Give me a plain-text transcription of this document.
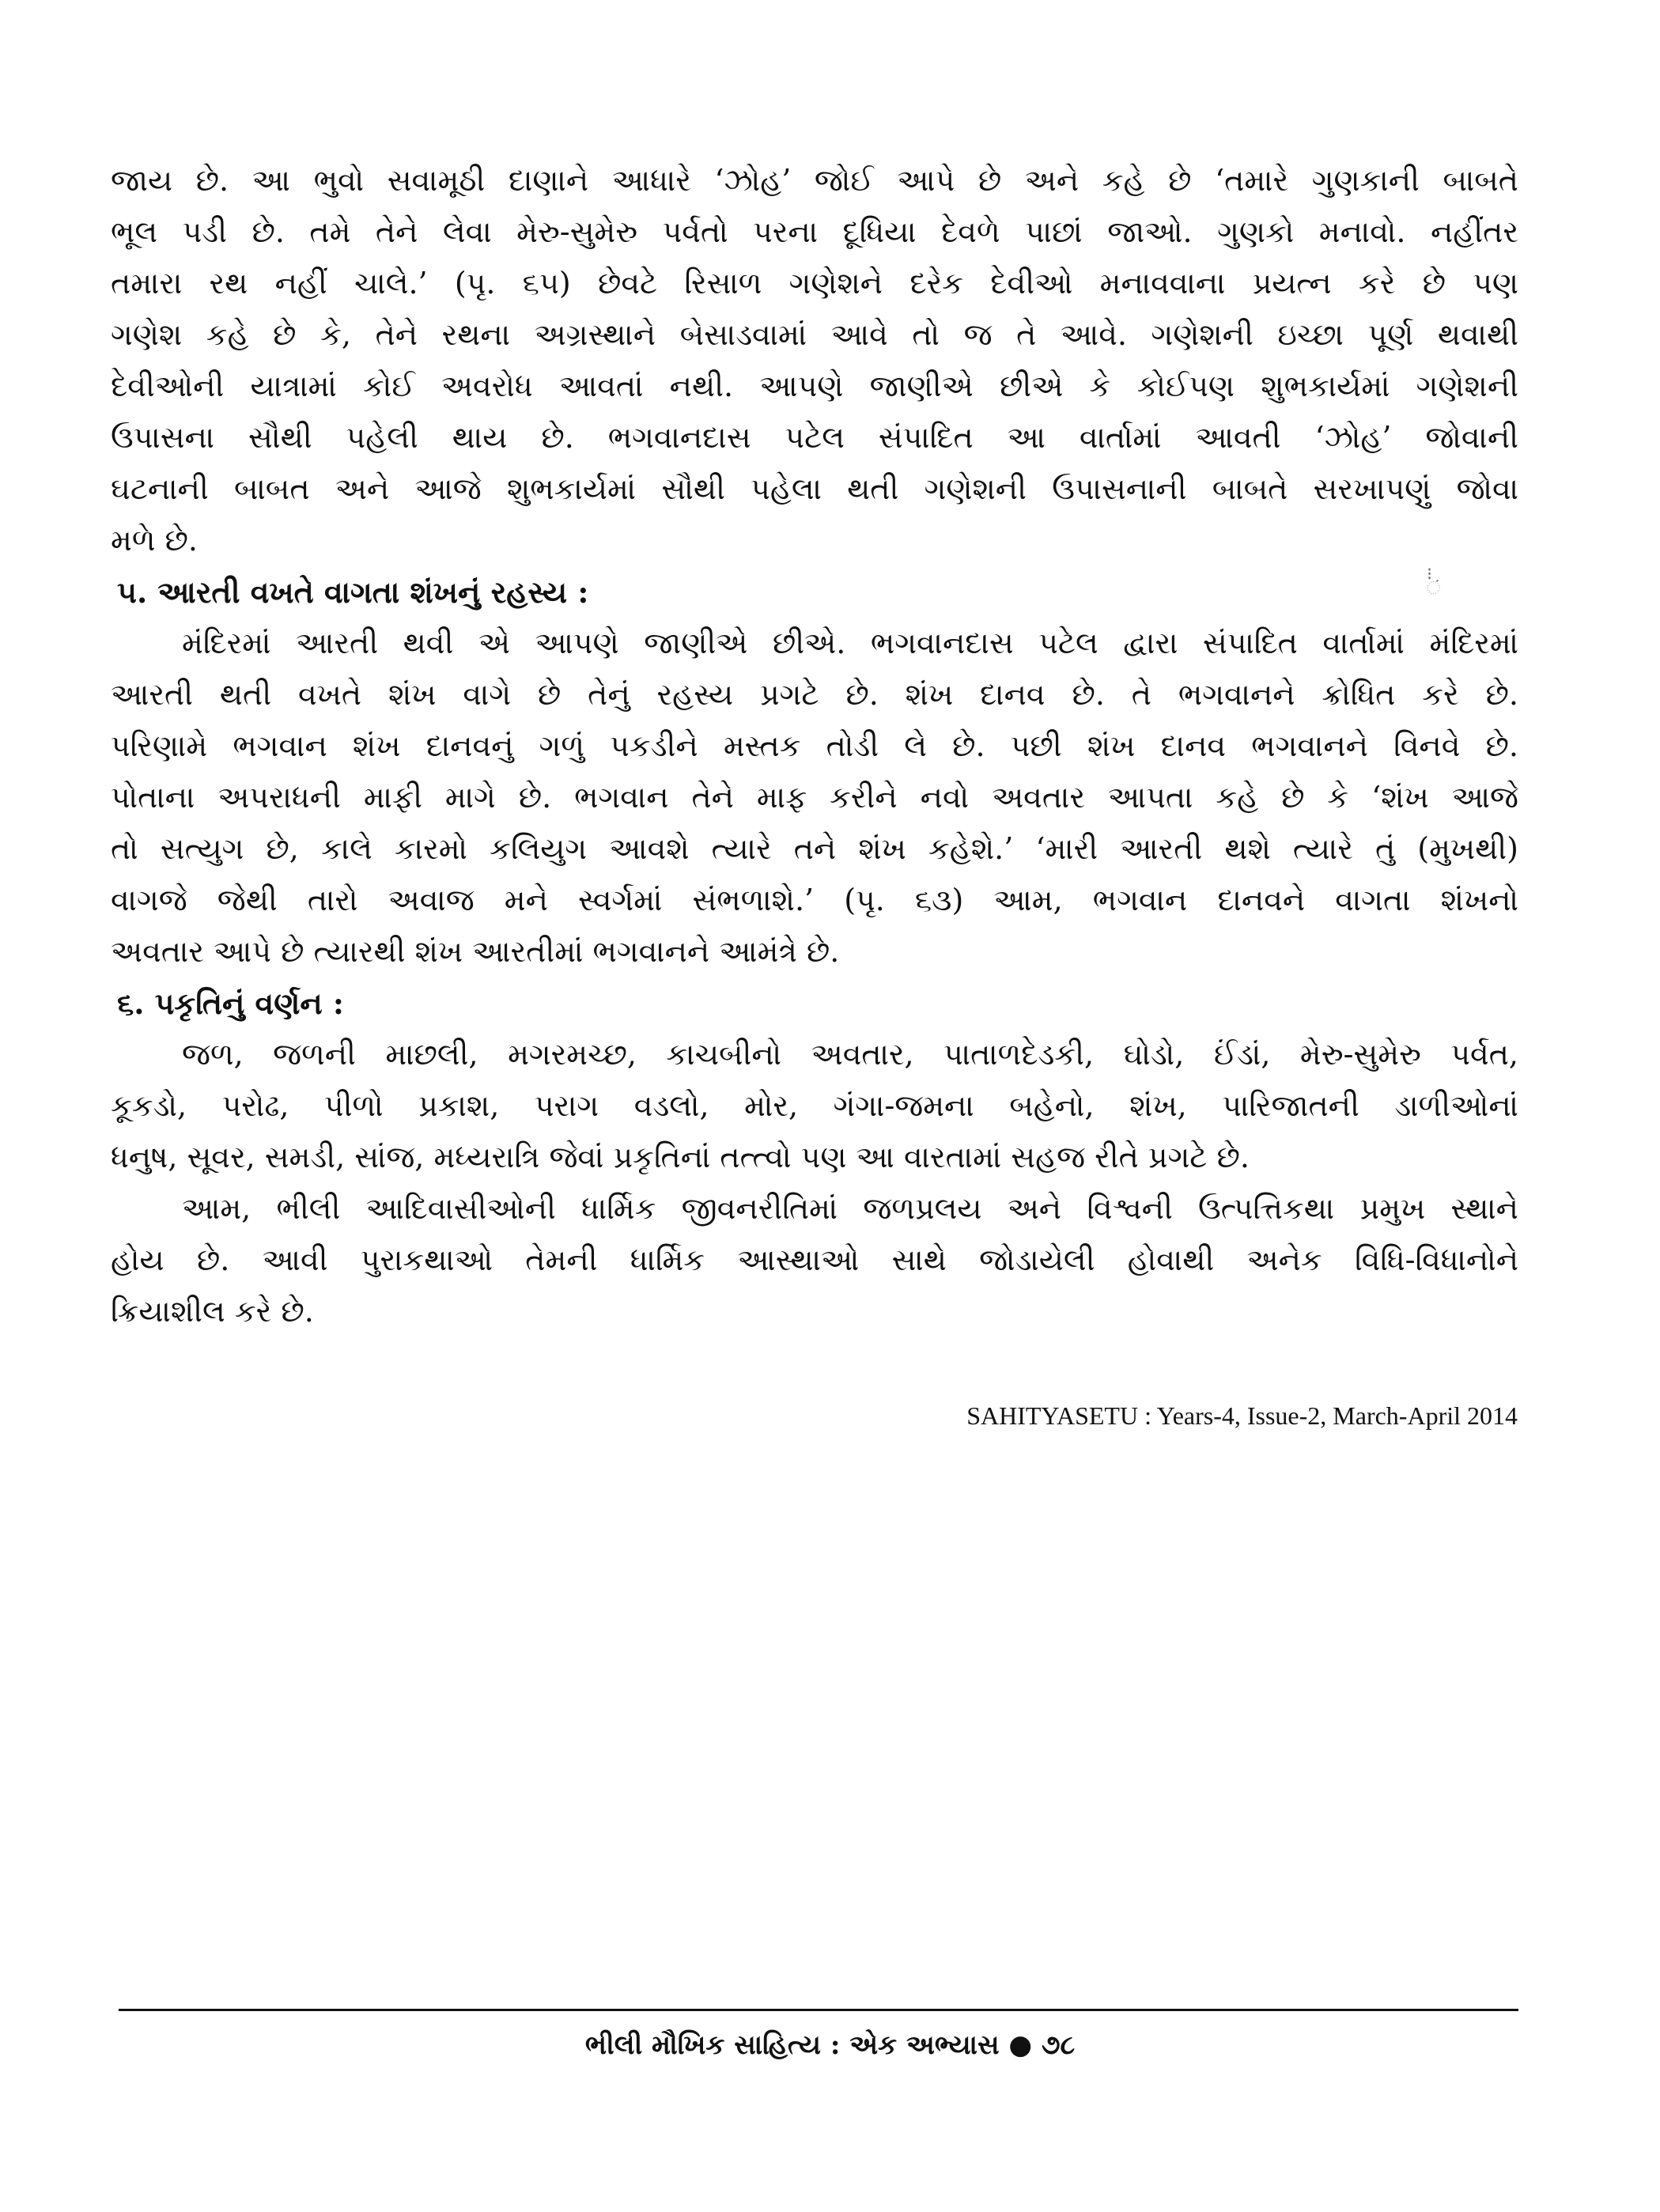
જાય છે. આ ભુવો સવામૂઠી દાણાને આધારે ‘ઝોહ’ જોઈ આપે છે અને કહે છે ‘તમારે ગુણકાની બાબતે
ભૂલ પડી છે. તમે તેને લેવા મેરુ-સુમેરુ પર્વતો પરના દૂધિયા દેવળે પાછાં જાઓ. ગુણકો મનાવો. નહીંતર
તમારા રથ નહીં ચાલે.’ (પૃ. ૬૫) છેવટે રિસાળ ગણેશને દરેક દેવીઓ મનાવવાના પ્રયત્ન કરે છે પણ
ગણેશ કહે છે કે, તેને રથના અગ્રસ્થાને બેસાડવામાં આવે તો જ તે આવે. ગણેશની ઇચ્છા પૂર્ણ થવાથી
દેવીઓની યાત્રામાં કોઈ અવરોધ આવતાં નથી. આપણે જાણીએ છીએ કે કોઈપણ શુભકાર્યમાં ગણેશની
ઉપાસના સૌથી પહેલી થાય છે. ભગવાનદાસ પટેલ સંપાદિત આ વાર્તામાં આવતી ‘ઝોહ’ જોવાની
ઘટનાની બાબત અને આજે શુભકાર્યમાં સૌથી પહેલા થતી ગણેશની ઉપાસનાની બાબતે સરખાપણું જોવા
મળે છે.
૫. આરતી વખતે વાગતા શંખનું રહસ્ય :
મંદિરમાં આરતી થવી એ આપણે જાણીએ છીએ. ભગવાનદાસ પટેલ દ્વારા સંપાદિત વાર્તામાં મંદિરમાં
આરતી થતી વખતે શંખ વાગે છે તેનું રહસ્ય પ્રગટે છે. શંખ દાનવ છે. તે ભગવાનને ક્રોધિત કરે છે.
પરિણામે ભગવાન શંખ દાનવનું ગળું પકડીને મસ્તક તોડી લે છે. પછી શંખ દાનવ ભગવાનને વિનવે છે.
પોતાના અપરાધની માફી માગે છે. ભગવાન તેને માફ કરીને નવો અવતાર આપતા કહે છે કે ‘શંખ આજે
તો સત્યુગ છે, કાલે કારમો કલિયુગ આવશે ત્યારે તને શંખ કહેશે.’ ‘મારી આરતી થશે ત્યારે તું (મુખથી)
વાગજે જેથી તારો અવાજ મને સ્વર્ગમાં સંભળાશે.’ (પૃ. ૬૩) આમ, ભગવાન દાનવને વાગતા શંખનો
અવતાર આપે છે ત્યારથી શંખ આરતીમાં ભગવાનને આમંત્રે છે.
૬. પકૃતિનું વર્ણન :
જળ, જળની માછલી, મગરમચ્છ, કાચબીનો અવતાર, પાતાળદેડકી, ઘોડો, ઈંડાં, મેરુ-સુમેરુ પર્વત,
કૂકડો, પરોઢ, પીળો પ્રકાશ, પરાગ વડલો, મોર, ગંગા-જમના બહેનો, શંખ, પારિજાતની ડાળીઓનાં
ધનુષ, સૂવર, સમડી, સાંજ, મધ્યરાત્રિ જેવાં પ્રકૃતિનાં તત્ત્વો પણ આ વારતામાં સહજ રીતે પ્રગટે છે.
આમ, ભીલી આદિવાસીઓની ધાર્મિક જીવનરીતિમાં જળપ્રલય અને વિશ્વની ઉત્પત્તિકથા પ્રમુખ સ્થાને
હોય છે. આવી પુરાકથાઓ તેમની ધાર્મિક આસ્થાઓ સાથે જોડાયેલી હોવાથી અનેક વિધિ-વિધાનોને
ક્રિયાશીલ કરે છે.
⁝
ં
SAHITYASETU : Years-4, Issue-2, March-April 2014
ભીલી મૌખિક સાહિત્ય : એક અભ્યાસ ● ૭૮
